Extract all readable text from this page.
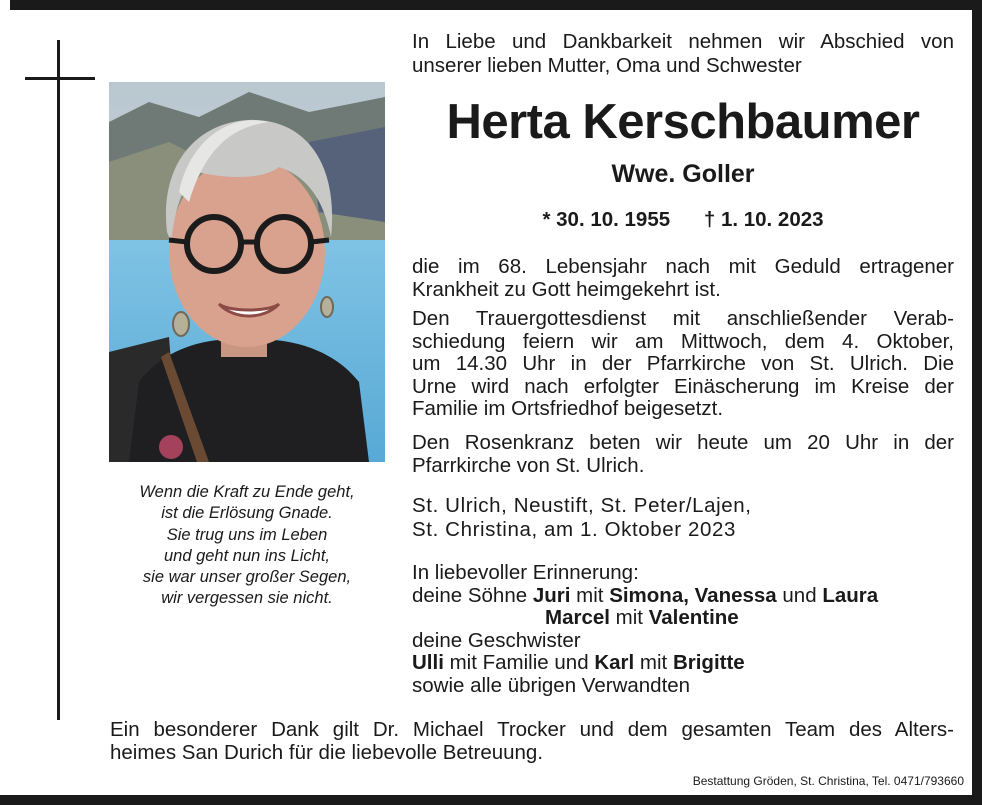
Wenn die Kraft zu Ende geht,
ist die Erlösung Gnade.
Sie trug uns im Leben
und geht nun ins Licht,
sie war unser großer Segen,
wir vergessen sie nicht.
In Liebe und Dankbarkeit nehmen wir Abschied von
unserer lieben Mutter, Oma und Schwester
Herta Kerschbaumer
Wwe. Goller
* 30. 10. 1955 † 1. 10. 2023
die im 68. Lebensjahr nach mit Geduld ertragener
Krankheit zu Gott heimgekehrt ist.
Den Trauergottesdienst mit anschließender Verab-
schiedung feiern wir am Mittwoch, dem 4. Oktober,
um 14.30 Uhr in der Pfarrkirche von St. Ulrich. Die
Urne wird nach erfolgter Einäscherung im Kreise der
Familie im Ortsfriedhof beigesetzt.
Den Rosenkranz beten wir heute um 20 Uhr in der
Pfarrkirche von St. Ulrich.
St. Ulrich, Neustift, St. Peter/Lajen,
St. Christina, am 1. Oktober 2023
In liebevoller Erinnerung:
deine Söhne Juri mit Simona, Vanessa und Laura
Marcel mit Valentine
deine Geschwister
Ulli mit Familie und Karl mit Brigitte
sowie alle übrigen Verwandten
Ein besonderer Dank gilt Dr. Michael Trocker und dem gesamten Team des Alters-
heimes San Durich für die liebevolle Betreuung.
Bestattung Gröden, St. Christina, Tel. 0471/793660
